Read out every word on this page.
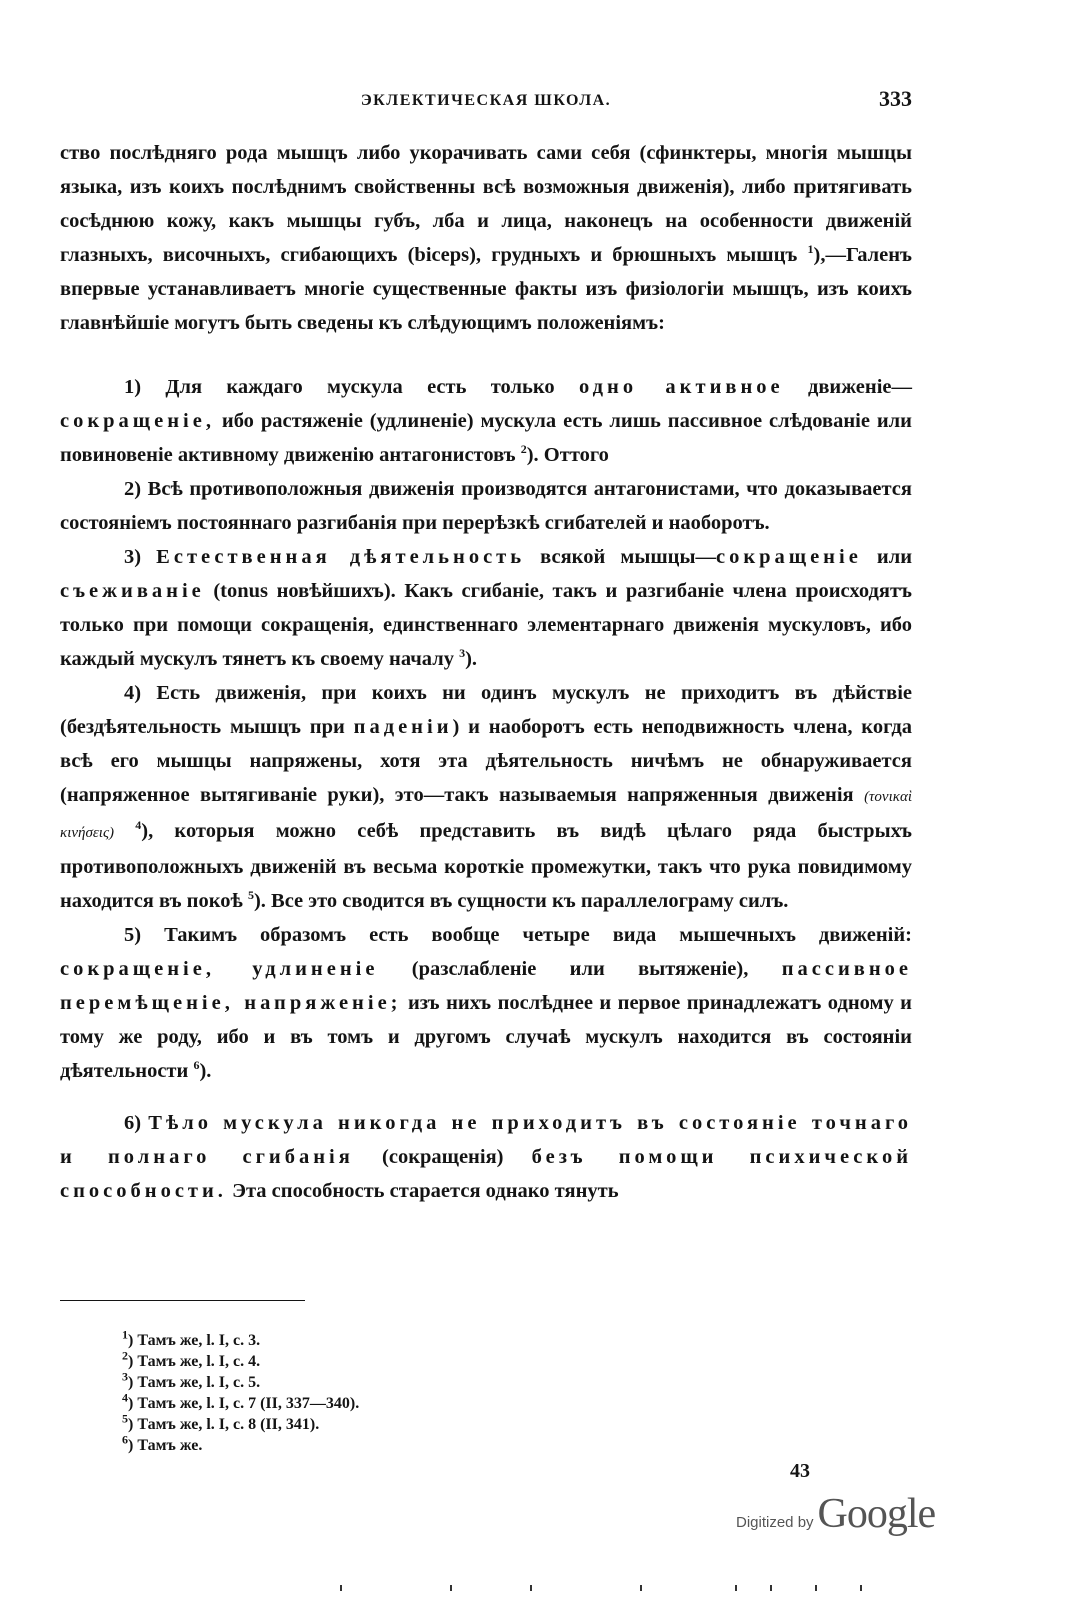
ЭКЛЕКТИЧЕСКАЯ ШКОЛА.	333

ство послѣдняго рода мышцъ либо укорачивать сами себя (сфинктеры, многія мышцы языка, изъ коихъ послѣднимъ свойственны всѣ возможныя движенія), либо притягивать сосѣднюю кожу, какъ мышцы губъ, лба и лица, наконецъ на особенности движеній глазныхъ, височныхъ, сгибающихъ (biceps), грудныхъ и брюшныхъ мышцъ $^1$),—Галенъ впервые устанавливаетъ многіе существенные факты изъ физіологіи мышцъ, изъ коихъ главнѣйшіе могутъ быть сведены къ слѣдующимъ положеніямъ:

1) Для каждаго мускула есть только одно активное движеніе—сокращеніе, ибо растяженіе (удлиненіе) мускула есть лишь пассивное слѣдованіе или повиновеніе активному движенію антагонистовъ $^2$). Оттого

2) Всѣ противоположныя движенія производятся антагонистами, что доказывается состояніемъ постояннаго разгибанія при перерѣзкѣ сгибателей и наоборотъ.

3) Естественная дѣятельность всякой мышцы—сокращеніе или съеживаніе (tonus новѣйшихъ). Какъ сгибаніе, такъ и разгибаніе члена происходятъ только при помощи сокращенія, единственнаго элементарнаго движенія мускуловъ, ибо каждый мускулъ тянетъ къ своему началу $^3$).

4) Есть движенія, при коихъ ни одинъ мускулъ не приходитъ въ дѣйствіе (бездѣятельность мышцъ при паденіи) и наоборотъ есть неподвижность члена, когда всѣ его мышцы напряжены, хотя эта дѣятельность ничѣмъ не обнаруживается (напряженное вытягиваніе руки), это—такъ называемыя напряженныя движенія (τονικαὶ κινήσεις) $^4$), которыя можно себѣ представить въ видѣ цѣлаго ряда быстрыхъ противоположныхъ движеній въ весьма короткіе промежутки, такъ что рука повидимому находится въ покоѣ $^5$). Все это сводится въ сущности къ параллелограму силъ.

5) Такимъ образомъ есть вообще четыре вида мышечныхъ движеній: сокращеніе, удлиненіе (разслабленіе или вытяженіе), пассивное перемѣщеніе, напряженіе; изъ нихъ послѣднее и первое принадлежатъ одному и тому же роду, ибо и въ томъ и другомъ случаѣ мускулъ находится въ состояніи дѣятельности $^6$).

6) Тѣло мускула никогда не приходитъ въ состояніе точнаго и полнаго сгибанія (сокращенія) безъ помощи психической способности. Эта способность старается однако тянуть

$^1$) Тамъ же, l. I, с. 3.
$^2$) Тамъ же, l. I, с. 4.
$^3$) Тамъ же, l. I, с. 5.
$^4$) Тамъ же, l. I, с. 7 (II, 337—340).
$^5$) Тамъ же, l. I, с. 8 (II, 341).
$^6$) Тамъ же.
43
Digitized by Google
